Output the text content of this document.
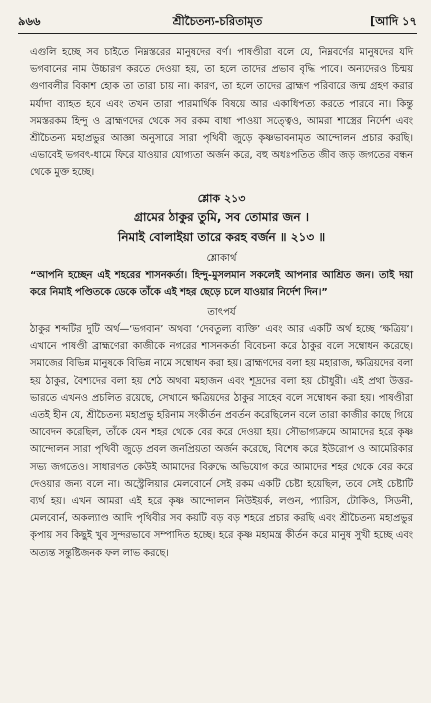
৯৬৬	শ্রীচৈতন্য-চরিতামৃত	[আদি ১৭

এগুলি হচ্ছে সব চাইতে নিম্নস্তরের মানুষদের বর্ণ। পাষণ্ডীরা বলে যে, নিম্নবর্ণের মানুষদের যদি ভগবানের নাম উচ্চারণ করতে দেওয়া হয়, তা হলে তাদের প্রভাব বৃদ্ধি পাবে। অন্যদেরও চিন্ময় গুণাবলীর বিকাশ হোক তা তারা চায় না। কারণ, তা হলে তাদের ব্রাহ্মণ পরিবারে জন্ম গ্রহণ করার মর্যাদা ব্যাহত হবে এবং তখন তারা পারমার্থিক বিষয়ে আর একাধিপত্য করতে পারবে না। কিন্তু সমস্তরকম হিন্দু ও ব্রাহ্মণদের থেকে সব রকম বাধা পাওয়া সত্ত্বেও, আমরা শাস্ত্রের নির্দেশ এবং শ্রীচৈতন্য মহাপ্রভুর আজ্ঞা অনুসারে সারা পৃথিবী জুড়ে কৃষ্ণভাবনামৃত আন্দোলন প্রচার করছি। এভাবেই ভগবৎ-ধামে ফিরে যাওয়ার যোগ্যতা অর্জন করে, বহু অধঃপতিত জীব জড় জগতের বন্ধন থেকে মুক্ত হচ্ছে।

শ্লোক ২১৩
গ্রামের ঠাকুর তুমি, সব তোমার জন ।
নিমাই বোলাইয়া তারে করহ বর্জন ॥ ২১৩ ॥
শ্লোকার্থ

“আপনি হচ্ছেন এই শহরের শাসনকর্তা। হিন্দু-মুসলমান সকলেই আপনার আশ্রিত জন। তাই দয়া করে নিমাই পণ্ডিতকে ডেকে তাঁকে এই শহর ছেড়ে চলে যাওয়ার নির্দেশ দিন।”

তাৎপর্য

ঠাকুর শব্দটির দুটি অর্থ—‘ভগবান’ অথবা ‘দেবতুল্য ব্যক্তি’ এবং আর একটি অর্থ হচ্ছে ‘ক্ষত্রিয়’। এখানে পাষণ্ডী ব্রাহ্মণেরা কাজীকে নগরের শাসনকর্তা বিবেচনা করে ঠাকুর বলে সম্বোধন করেছে। সমাজের বিভিন্ন মানুষকে বিভিন্ন নামে সম্বোধন করা হয়। ব্রাহ্মণদের বলা হয় মহারাজ, ক্ষত্রিয়দের বলা হয় ঠাকুর, বৈশ্যদের বলা হয় শেঠ অথবা মহাজন এবং শূদ্রদের বলা হয় চৌধুরী। এই প্রথা উত্তর-ভারতে এখনও প্রচলিত রয়েছে, সেখানে ক্ষত্রিয়দের ঠাকুর সাহেব বলে সম্বোধন করা হয়। পাষণ্ডীরা এতই হীন যে, শ্রীচৈতন্য মহাপ্রভু হরিনাম সংকীর্তন প্রবর্তন করেছিলেন বলে তারা কাজীর কাছে গিয়ে আবেদন করেছিল, তাঁকে যেন শহর থেকে বের করে দেওয়া হয়। সৌভাগ্যক্রমে আমাদের হরে কৃষ্ণ আন্দোলন সারা পৃথিবী জুড়ে প্রবল জনপ্রিয়তা অর্জন করেছে, বিশেষ করে ইউরোপ ও আমেরিকার সভ্য জগতেও। সাধারণত কেউই আমাদের বিরুদ্ধে অভিযোগ করে আমাদের শহর থেকে বের করে দেওয়ার জন্য বলে না। অস্ট্রেলিয়ার মেলবোর্নে সেই রকম একটি চেষ্টা হয়েছিল, তবে সেই চেষ্টাটি ব্যর্থ হয়। এখন আমরা এই হরে কৃষ্ণ আন্দোলন নিউইয়র্ক, লণ্ডন, প্যারিস, টোকিও, সিডনী, মেলবোর্ন, অকল্যাণ্ড আদি পৃথিবীর সব কয়টি বড় বড় শহরে প্রচার করছি এবং শ্রীচৈতন্য মহাপ্রভুর কৃপায় সব কিছুই খুব সুন্দরভাবে সম্পাদিত হচ্ছে। হরে কৃষ্ণ মহামন্ত্র কীর্তন করে মানুষ সুখী হচ্ছে এবং অত্যন্ত সন্তুষ্টিজনক ফল লাভ করছে।
